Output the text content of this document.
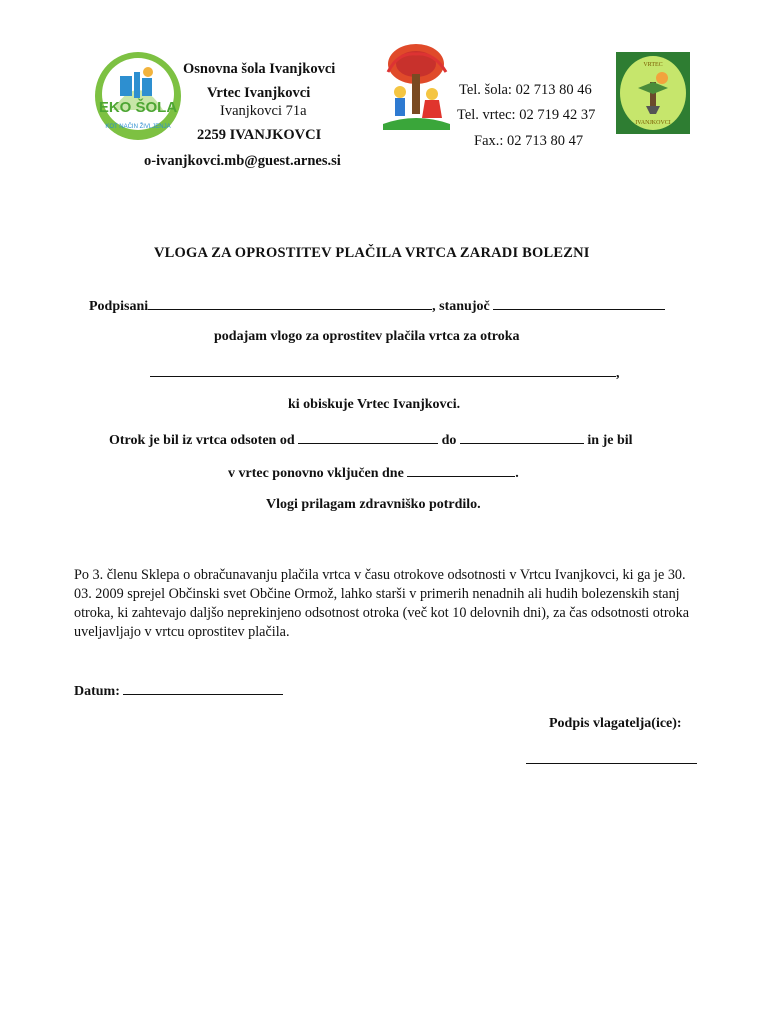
EKO ŠOLA
KOT NAČIN ŽIVLJENJA
VRTEC
IVANJKOVCI
Osnovna šola Ivanjkovci
Vrtec Ivanjkovci
Ivanjkovci 71a
2259 IVANJKOVCI
o-ivanjkovci.mb@guest.arnes.si
Tel. šola: 02 713 80 46
Tel. vrtec: 02 719 42 37
Fax.: 02 713 80 47
VLOGA ZA OPROSTITEV PLAČILA VRTCA ZARADI BOLEZNI
Podpisani	, stanujoč
podajam vlogo za oprostitev plačila vrtca za otroka
,
ki obiskuje Vrtec Ivanjkovci.
Otrok je bil iz vrtca odsoten od	do	in je bil
v vrtec ponovno vključen dne	.
Vlogi prilagam zdravniško potrdilo.
Po 3. členu Sklepa o obračunavanju plačila vrtca v času otrokove odsotnosti v Vrtcu Ivanjkovci, ki ga je 30. 03. 2009 sprejel Občinski svet Občine Ormož, lahko starši v primerih nenadnih ali hudih bolezenskih stanj otroka, ki zahtevajo daljšo neprekinjeno odsotnost otroka (več kot 10 delovnih dni), za čas odsotnosti otroka uveljavljajo v vrtcu oprostitev plačila.
Datum:
Podpis vlagatelja(ice):
